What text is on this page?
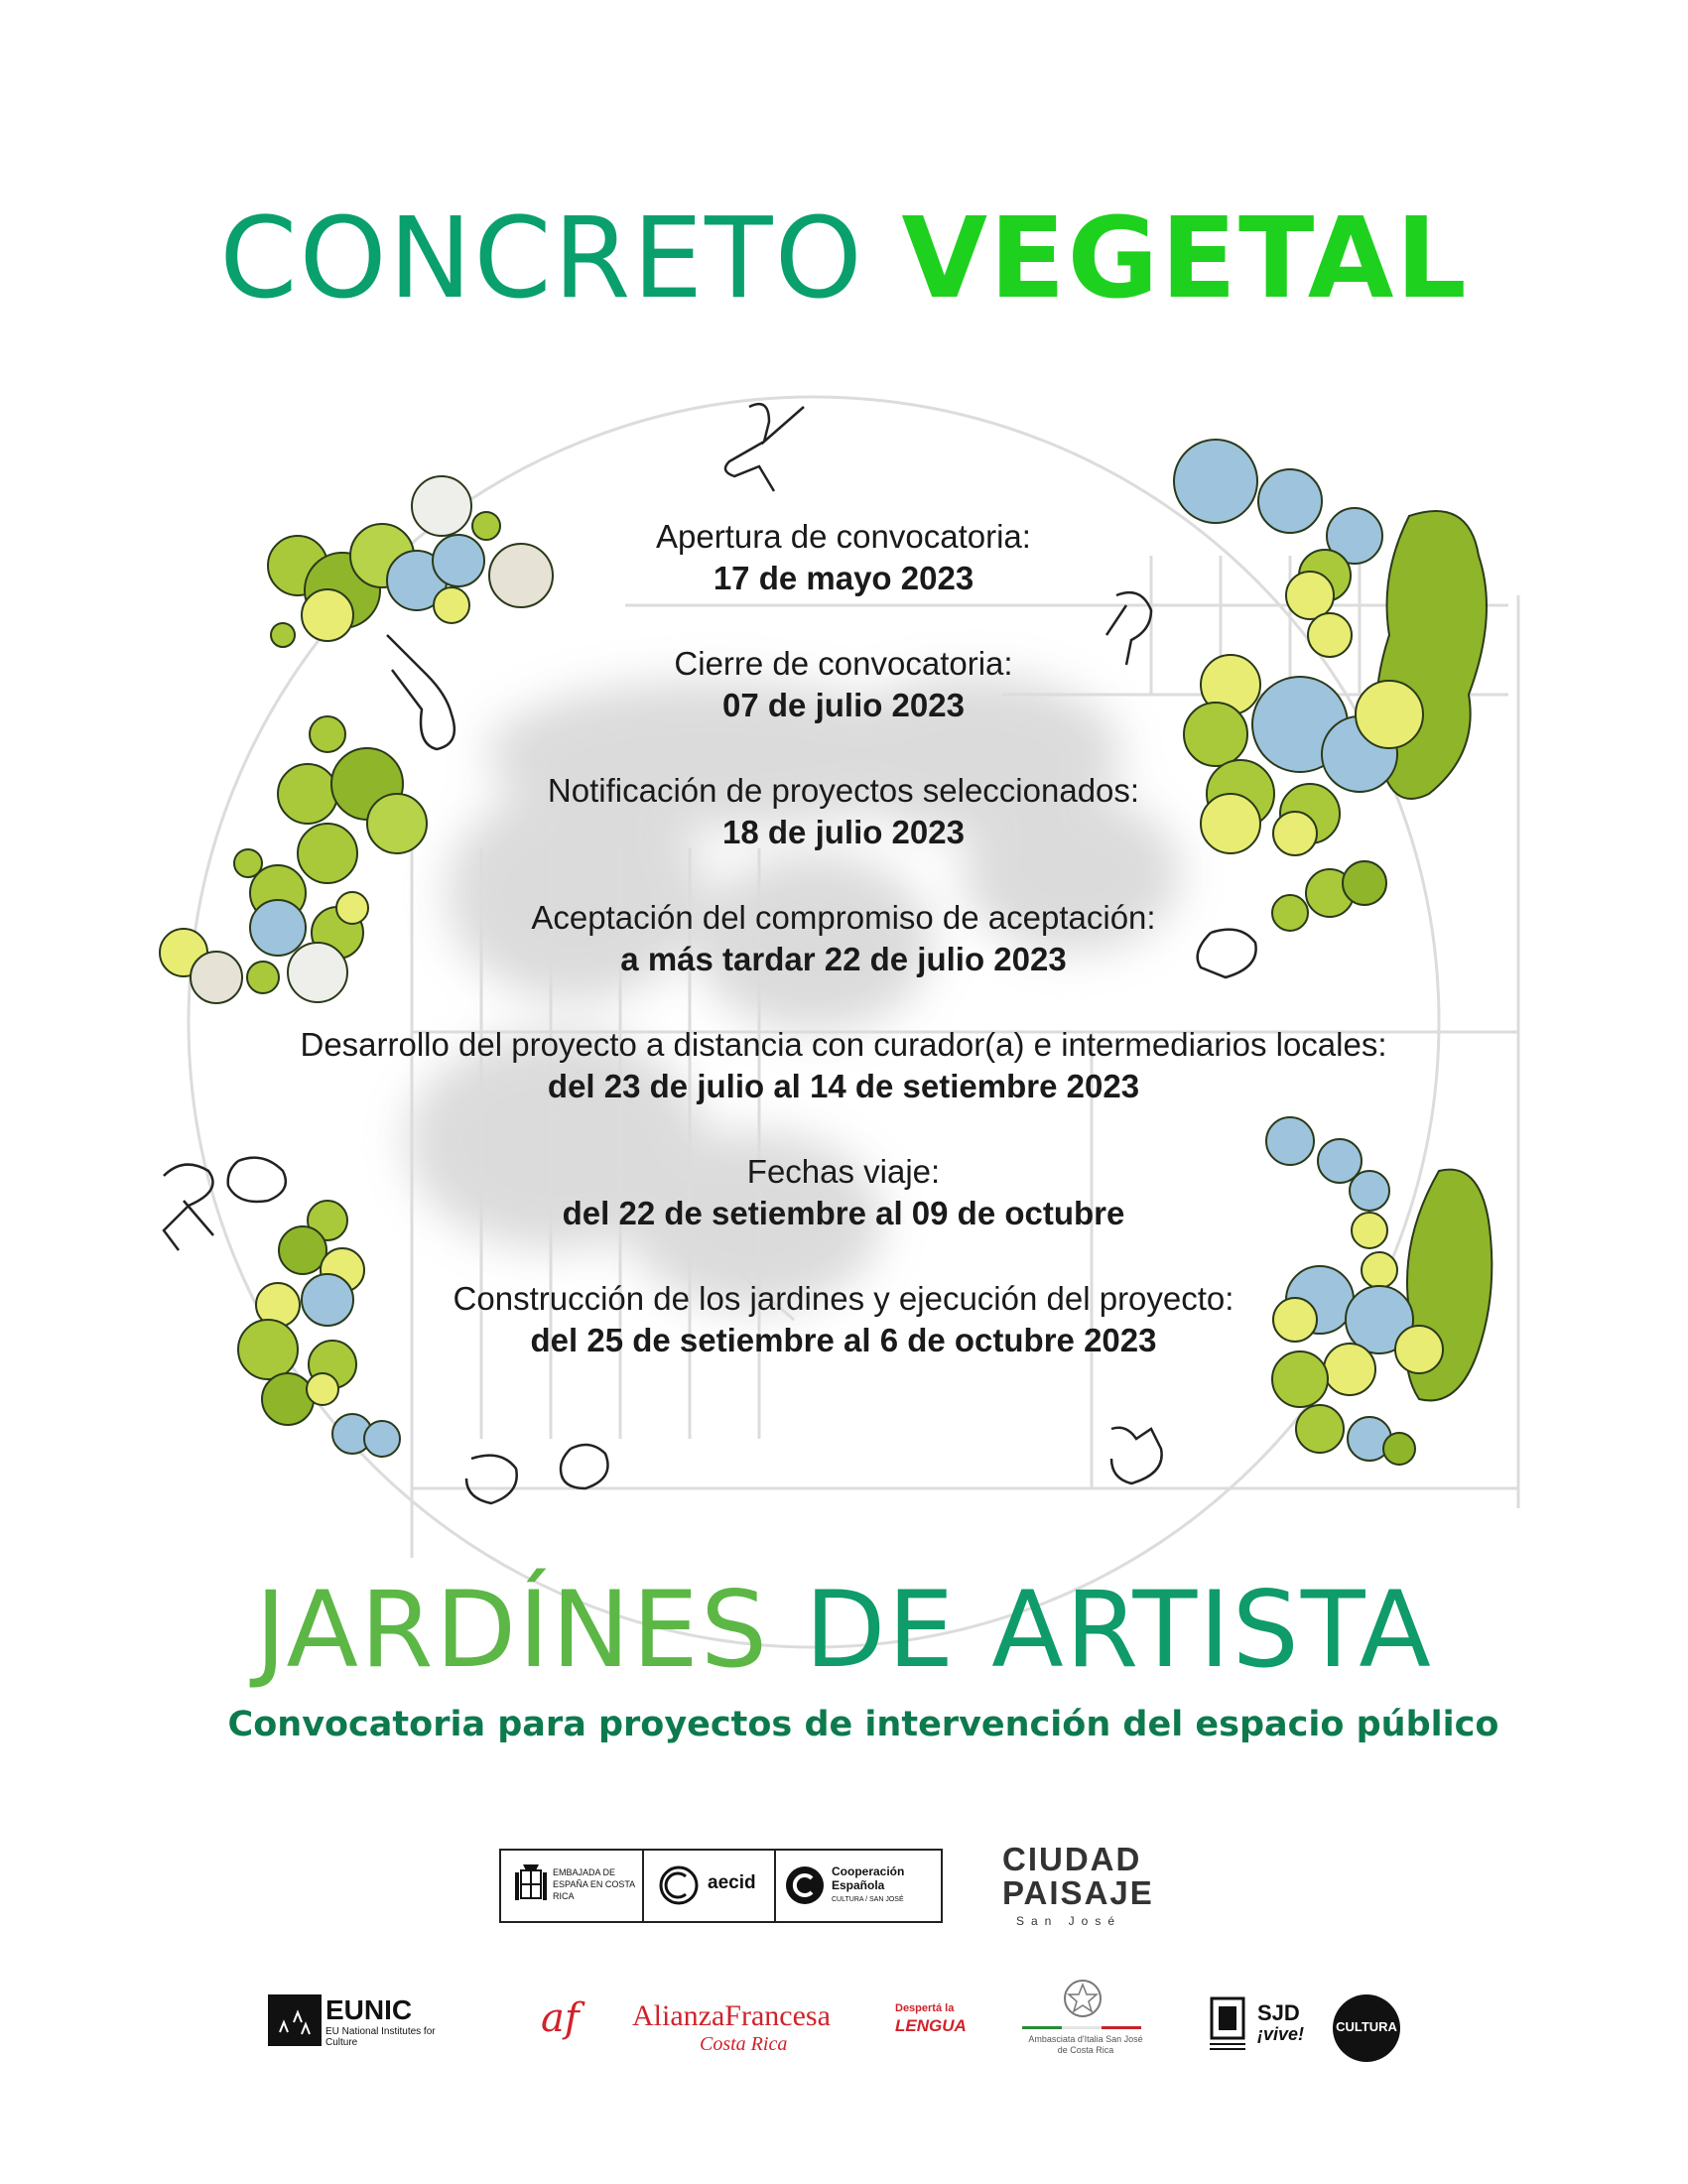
CONCRETO VEGETAL
Apertura de convocatoria:
17 de mayo 2023
Cierre de convocatoria:
07 de julio 2023
Notificación de proyectos seleccionados:
18 de julio 2023
Aceptación del compromiso de aceptación:
a más tardar 22 de julio 2023
Desarrollo del proyecto a distancia con curador(a) e intermediarios locales:
del 23 de julio al 14 de setiembre 2023
Fechas viaje:
del 22 de setiembre al 09 de octubre
Construcción de los jardines y ejecución del proyecto:
del 25 de setiembre al 6 de octubre 2023
JARDÍNES DE ARTISTA
Convocatoria para proyectos de intervención del espacio público
EMBAJADA DE ESPAÑA EN COSTA RICA
aecid
Cooperación Española
CULTURA / SAN JOSÉ
CIUDAD
PAISAJE
San José
EUNIC
EU National Institutes for Culture
af AlianzaFrancesa
Costa Rica
Despertá la
LENGUA
Ambasciata d'Italia San José de Costa Rica
SJD
¡vive! CULTURA
